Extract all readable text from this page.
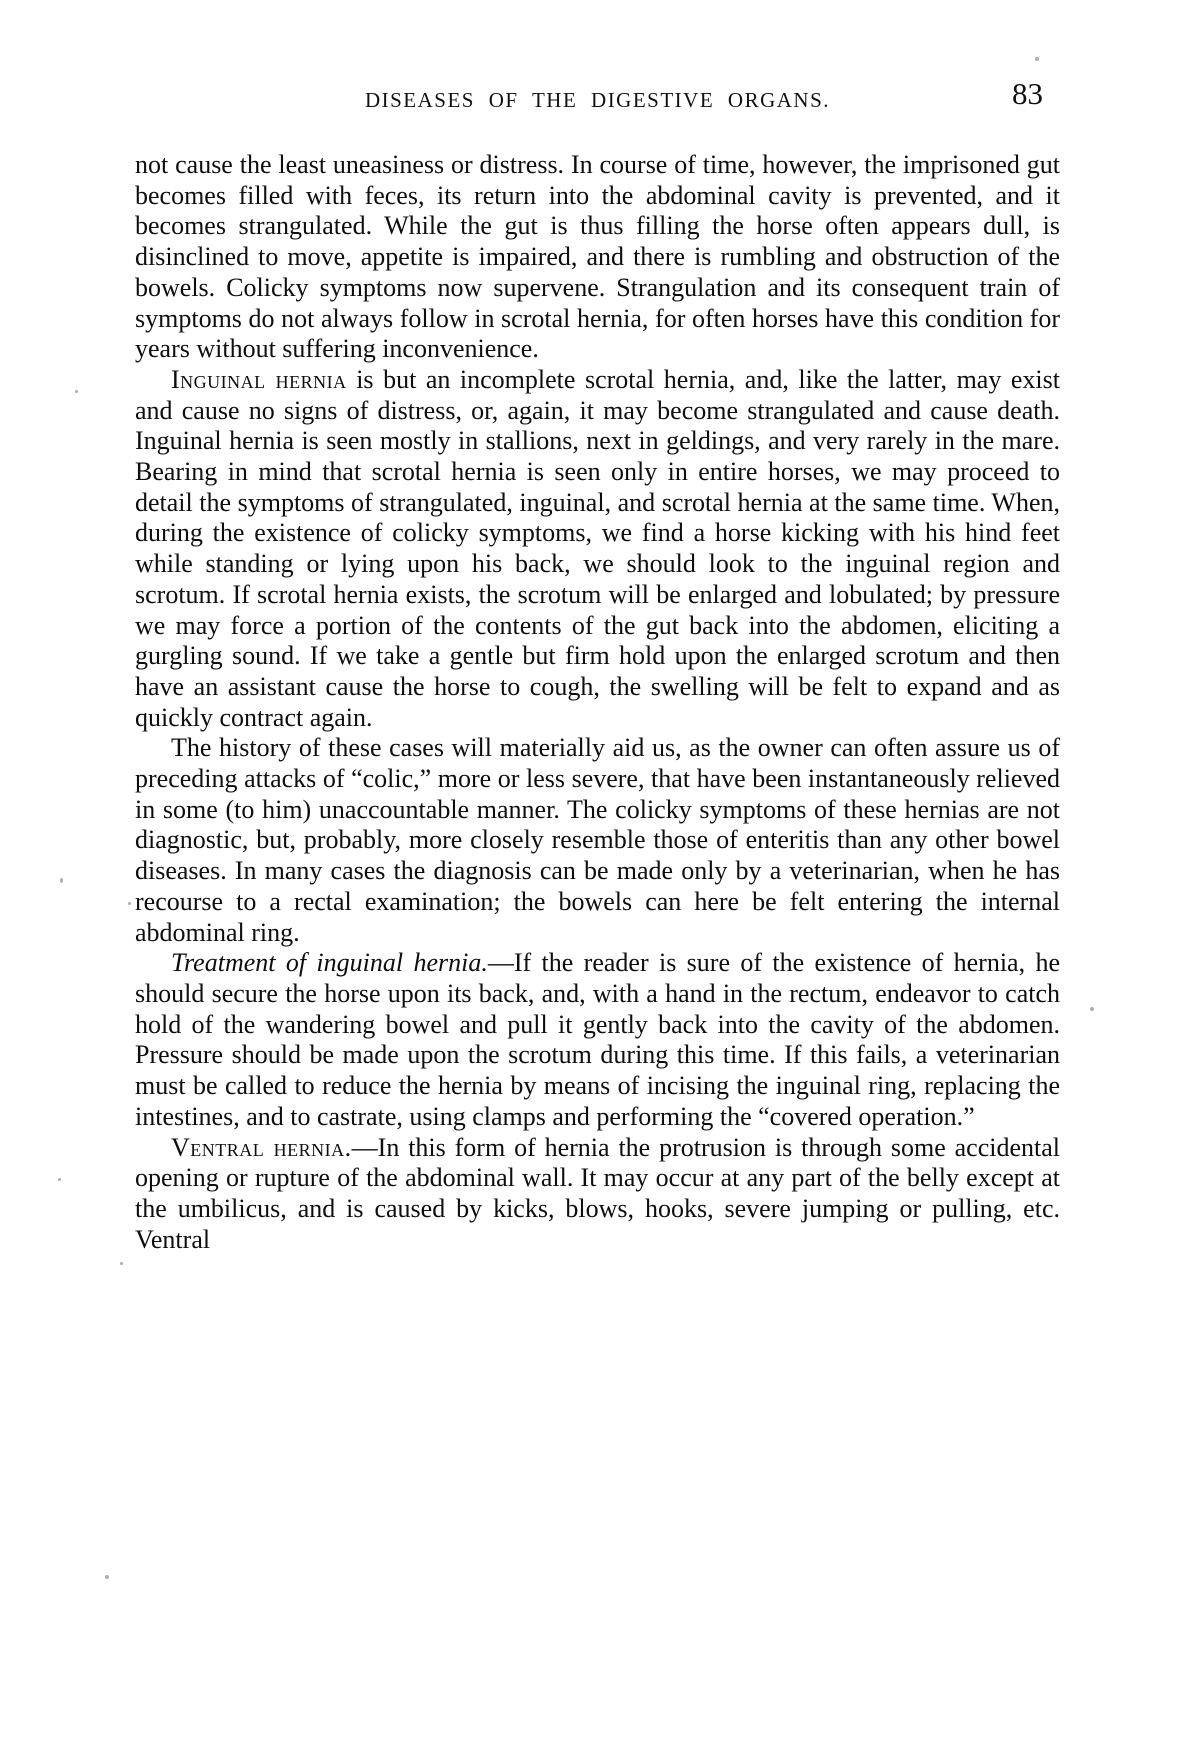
DISEASES OF THE DIGESTIVE ORGANS.	83

not cause the least uneasiness or distress. In course of time, however, the imprisoned gut becomes filled with feces, its return into the abdominal cavity is prevented, and it becomes strangulated. While the gut is thus filling the horse often appears dull, is disinclined to move, appetite is impaired, and there is rumbling and obstruction of the bowels. Colicky symptoms now supervene. Strangulation and its consequent train of symptoms do not always follow in scrotal hernia, for often horses have this condition for years without suffering inconvenience.

Inguinal hernia is but an incomplete scrotal hernia, and, like the latter, may exist and cause no signs of distress, or, again, it may become strangulated and cause death. Inguinal hernia is seen mostly in stallions, next in geldings, and very rarely in the mare. Bearing in mind that scrotal hernia is seen only in entire horses, we may proceed to detail the symptoms of strangulated, inguinal, and scrotal hernia at the same time. When, during the existence of colicky symptoms, we find a horse kicking with his hind feet while standing or lying upon his back, we should look to the inguinal region and scrotum. If scrotal hernia exists, the scrotum will be enlarged and lobulated; by pressure we may force a portion of the contents of the gut back into the abdomen, eliciting a gurgling sound. If we take a gentle but firm hold upon the enlarged scrotum and then have an assistant cause the horse to cough, the swelling will be felt to expand and as quickly contract again.

The history of these cases will materially aid us, as the owner can often assure us of preceding attacks of “colic,” more or less severe, that have been instantaneously relieved in some (to him) unaccountable manner. The colicky symptoms of these hernias are not diagnostic, but, probably, more closely resemble those of enteritis than any other bowel diseases. In many cases the diagnosis can be made only by a veterinarian, when he has recourse to a rectal examination; the bowels can here be felt entering the internal abdominal ring.

Treatment of inguinal hernia.—If the reader is sure of the existence of hernia, he should secure the horse upon its back, and, with a hand in the rectum, endeavor to catch hold of the wandering bowel and pull it gently back into the cavity of the abdomen. Pressure should be made upon the scrotum during this time. If this fails, a veterinarian must be called to reduce the hernia by means of incising the inguinal ring, replacing the intestines, and to castrate, using clamps and performing the “covered operation.”

Ventral hernia.—In this form of hernia the protrusion is through some accidental opening or rupture of the abdominal wall. It may occur at any part of the belly except at the umbilicus, and is caused by kicks, blows, hooks, severe jumping or pulling, etc. Ventral
